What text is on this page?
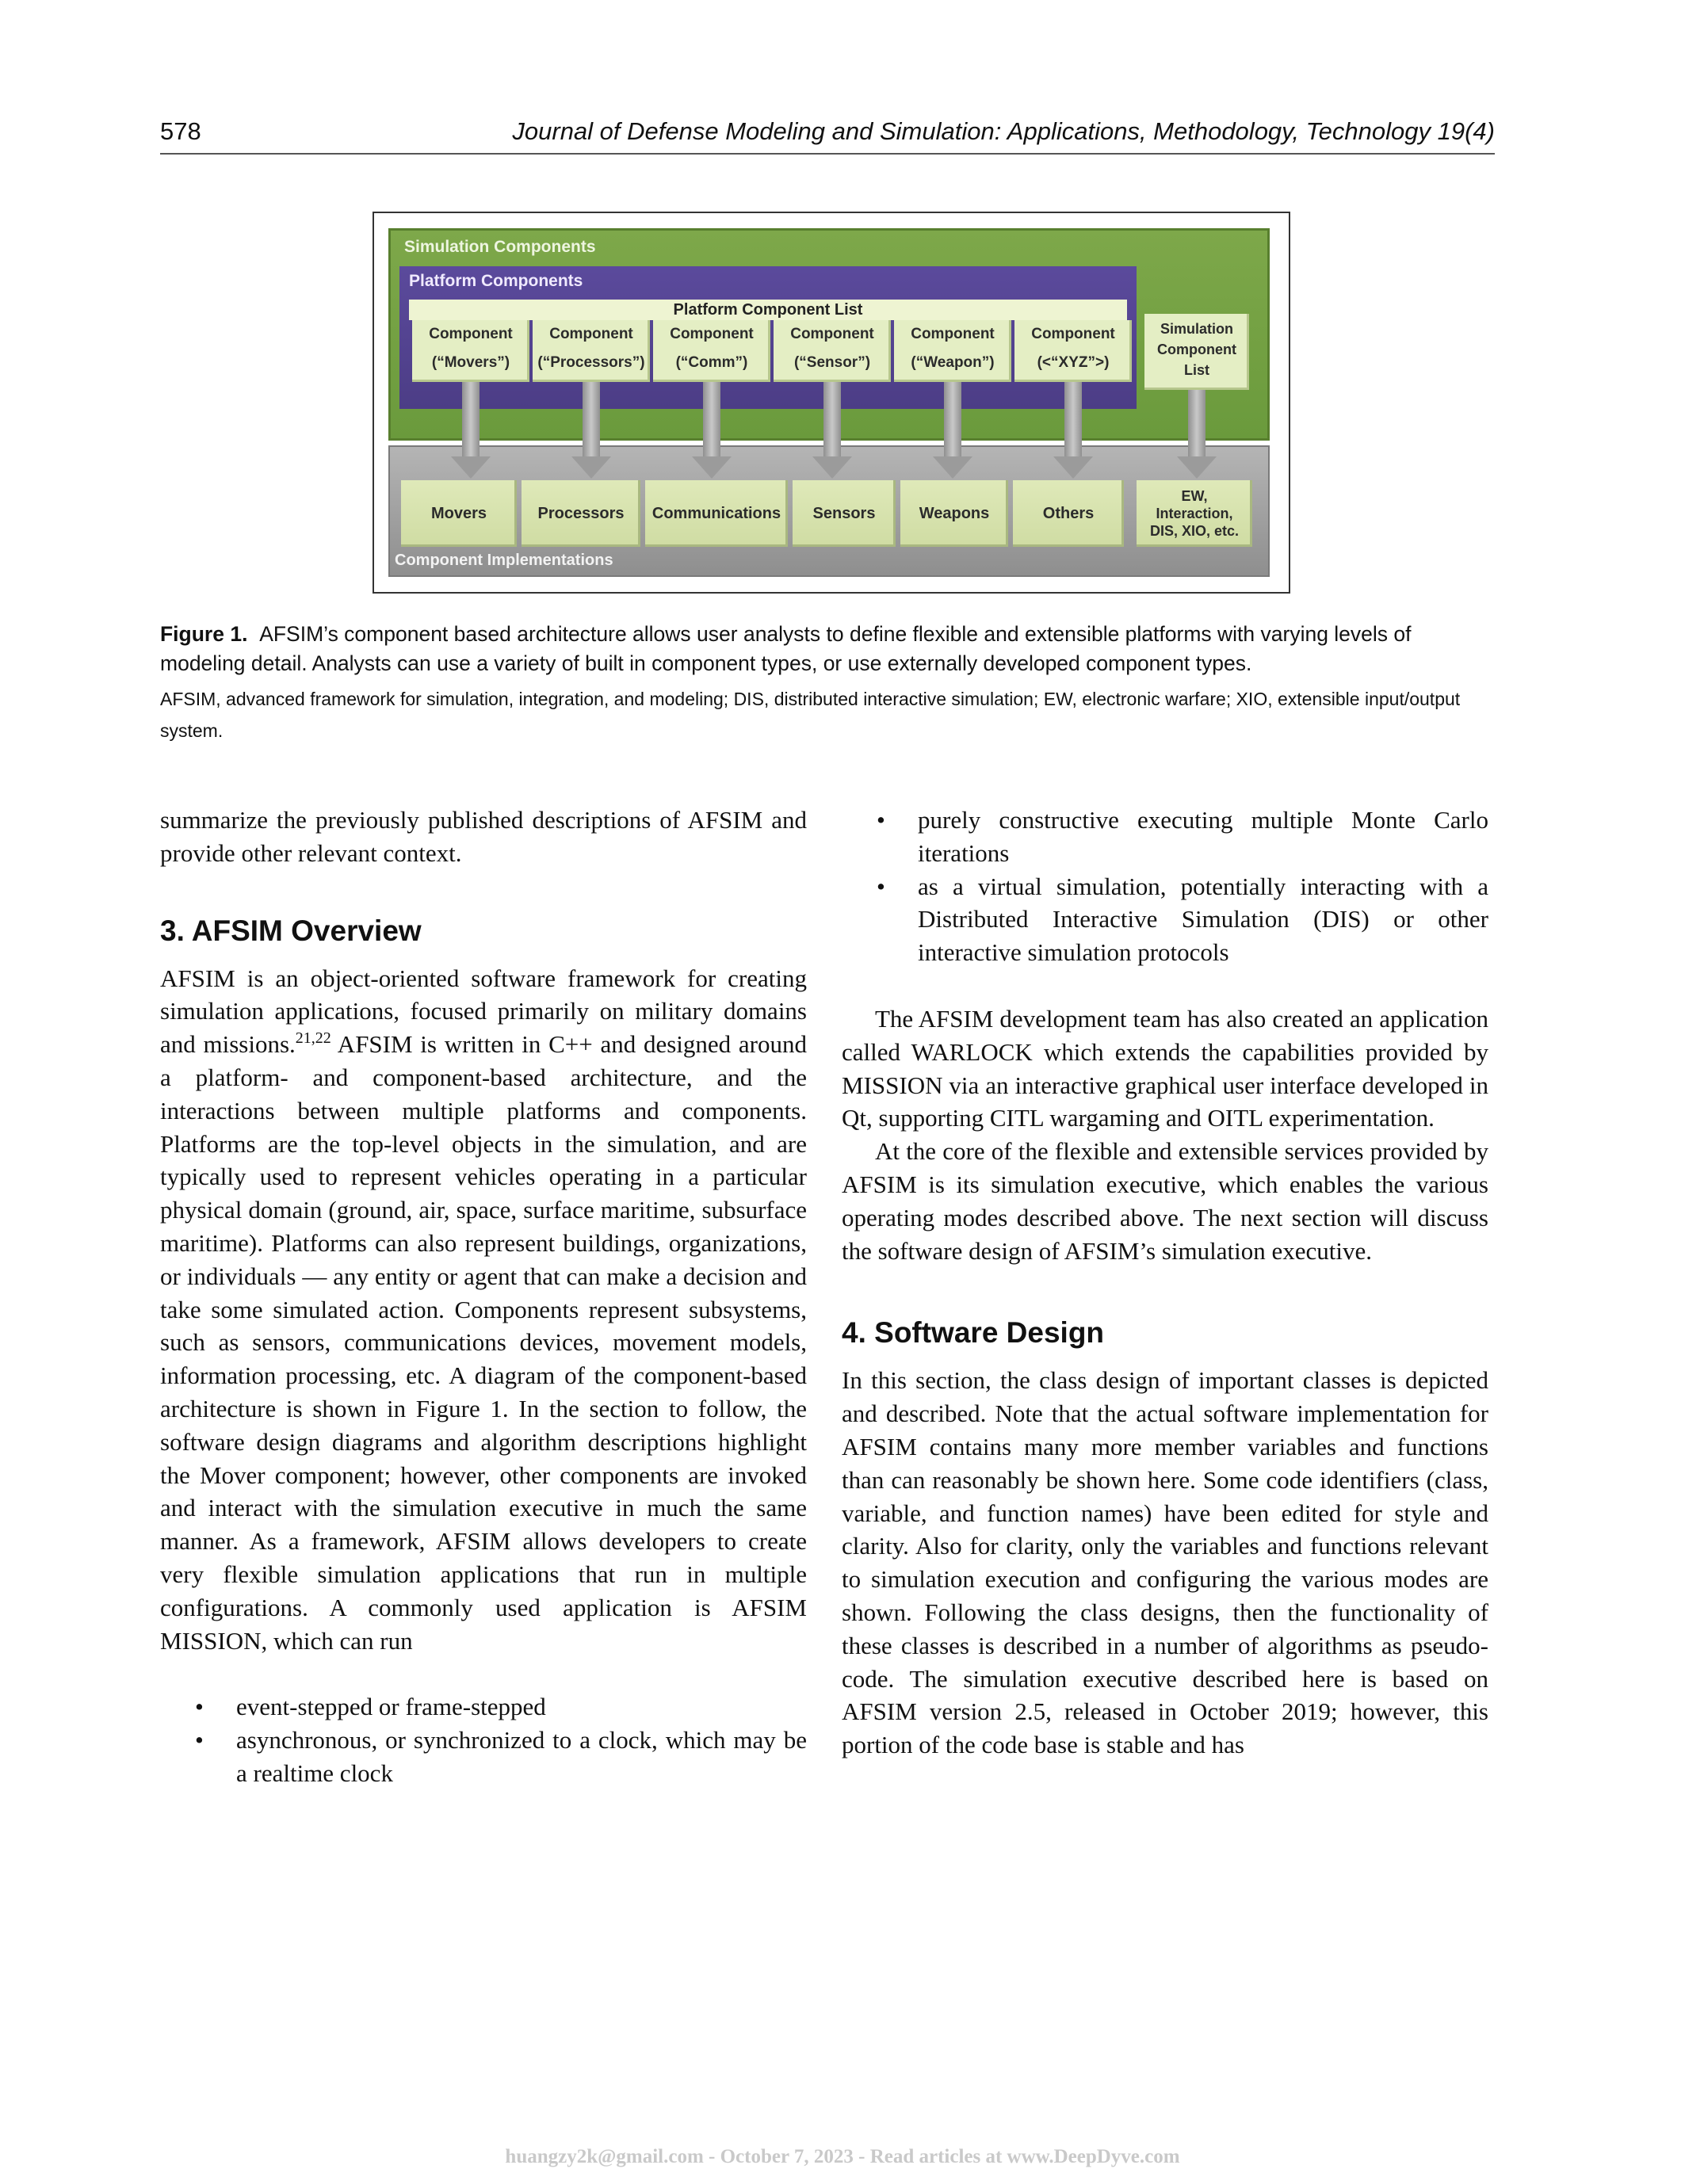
578	Journal of Defense Modeling and Simulation: Applications, Methodology, Technology 19(4)
Simulation Components
Platform Components
Platform Component List
Component
(“Movers”)
Component
(“Processors”)
Component
(“Comm”)
Component
(“Sensor”)
Component
(“Weapon”)
Component
(<“XYZ”>)
Simulation
Component
List
Movers	Processors	Communications	Sensors	Weapons	Others
EW,
Interaction,
DIS, XIO, etc.
Component Implementations
Figure 1. AFSIM’s component based architecture allows user analysts to define flexible and extensible platforms with varying levels of modeling detail. Analysts can use a variety of built in component types, or use externally developed component types.
AFSIM, advanced framework for simulation, integration, and modeling; DIS, distributed interactive simulation; EW, electronic warfare; XIO, extensible input/output system.

summarize the previously published descriptions of AFSIM and provide other relevant context.

3. AFSIM Overview

AFSIM is an object-oriented software framework for creating simulation applications, focused primarily on military domains and missions.$^{21,22}$ AFSIM is written in C++ and designed around a platform- and component-based architecture, and the interactions between multiple platforms and components. Platforms are the top-level objects in the simulation, and are typically used to represent vehicles operating in a particular physical domain (ground, air, space, surface maritime, subsurface maritime). Platforms can also represent buildings, organizations, or individuals — any entity or agent that can make a decision and take some simulated action. Components represent subsystems, such as sensors, communications devices, movement models, information processing, etc. A diagram of the component-based architecture is shown in Figure 1. In the section to follow, the software design diagrams and algorithm descriptions highlight the Mover component; however, other components are invoked and interact with the simulation executive in much the same manner. As a framework, AFSIM allows developers to create very flexible simulation applications that run in multiple configurations. A commonly used application is AFSIM MISSION, which can run

• event-stepped or frame-stepped
• asynchronous, or synchronized to a clock, which may be a realtime clock
• purely constructive executing multiple Monte Carlo iterations
• as a virtual simulation, potentially interacting with a Distributed Interactive Simulation (DIS) or other interactive simulation protocols

The AFSIM development team has also created an application called WARLOCK which extends the capabilities provided by MISSION via an interactive graphical user interface developed in Qt, supporting CITL wargaming and OITL experimentation.

At the core of the flexible and extensible services provided by AFSIM is its simulation executive, which enables the various operating modes described above. The next section will discuss the software design of AFSIM’s simulation executive.

4. Software Design

In this section, the class design of important classes is depicted and described. Note that the actual software implementation for AFSIM contains many more member variables and functions than can reasonably be shown here. Some code identifiers (class, variable, and function names) have been edited for style and clarity. Also for clarity, only the variables and functions relevant to simulation execution and configuring the various modes are shown. Following the class designs, then the functionality of these classes is described in a number of algorithms as pseudo-code. The simulation executive described here is based on AFSIM version 2.5, released in October 2019; however, this portion of the code base is stable and has

huangzy2k@gmail.com - October 7, 2023 - Read articles at www.DeepDyve.com
